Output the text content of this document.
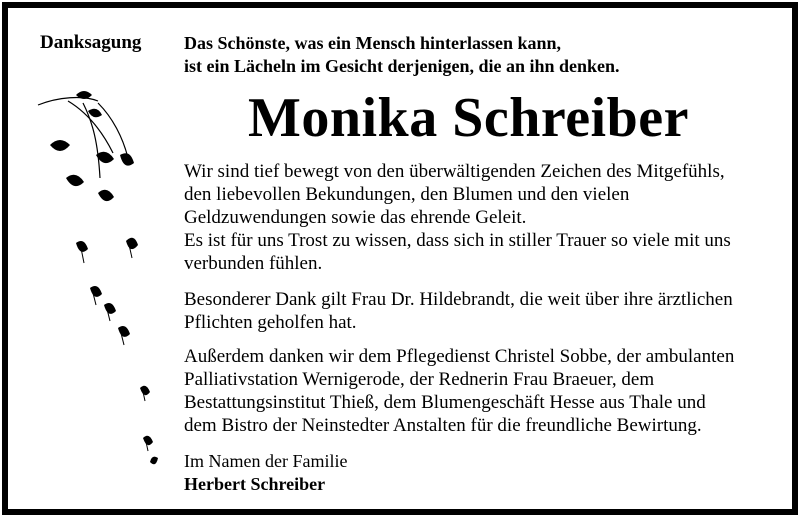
Danksagung Das Schönste, was ein Mensch hinterlassen kann,
ist ein Lächeln im Gesicht derjenigen, die an ihn denken.
Monika Schreiber
Wir sind tief bewegt von den überwältigenden Zeichen des Mitgefühls,
den liebevollen Bekundungen, den Blumen und den vielen
Geldzuwendungen sowie das ehrende Geleit.
Es ist für uns Trost zu wissen, dass sich in stiller Trauer so viele mit uns
verbunden fühlen.
Besonderer Dank gilt Frau Dr. Hildebrandt, die weit über ihre ärztlichen
Pflichten geholfen hat.
Außerdem danken wir dem Pflegedienst Christel Sobbe, der ambulanten
Palliativstation Wernigerode, der Rednerin Frau Braeuer, dem
Bestattungsinstitut Thieß, dem Blumengeschäft Hesse aus Thale und
dem Bistro der Neinstedter Anstalten für die freundliche Bewirtung.
Im Namen der Familie
Herbert Schreiber
